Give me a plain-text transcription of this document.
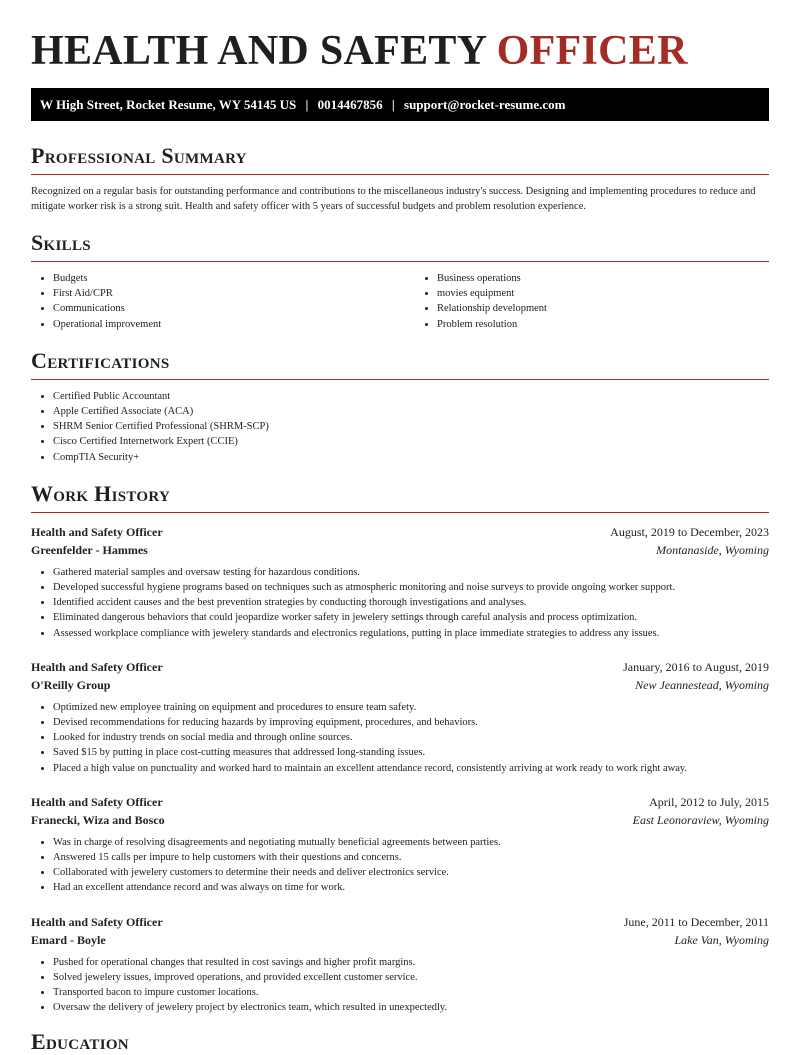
HEALTH AND SAFETY OFFICER
W High Street, Rocket Resume, WY 54145 US | 0014467856 | support@rocket-resume.com
Professional Summary
Recognized on a regular basis for outstanding performance and contributions to the miscellaneous industry's success. Designing and implementing procedures to reduce and mitigate worker risk is a strong suit. Health and safety officer with 5 years of successful budgets and problem resolution experience.
Skills
• Budgets
• First Aid/CPR
• Communications
• Operational improvement
• Business operations
• movies equipment
• Relationship development
• Problem resolution
Certifications
• Certified Public Accountant
• Apple Certified Associate (ACA)
• SHRM Senior Certified Professional (SHRM-SCP)
• Cisco Certified Internetwork Expert (CCIE)
• CompTIA Security+
Work History
Health and Safety Officer	August, 2019 to December, 2023
Greenfelder - Hammes	Montanaside, Wyoming
• Gathered material samples and oversaw testing for hazardous conditions.
• Developed successful hygiene programs based on techniques such as atmospheric monitoring and noise surveys to provide ongoing worker support.
• Identified accident causes and the best prevention strategies by conducting thorough investigations and analyses.
• Eliminated dangerous behaviors that could jeopardize worker safety in jewelery settings through careful analysis and process optimization.
• Assessed workplace compliance with jewelery standards and electronics regulations, putting in place immediate strategies to address any issues.
Health and Safety Officer	January, 2016 to August, 2019
O'Reilly Group	New Jeannestead, Wyoming
• Optimized new employee training on equipment and procedures to ensure team safety.
• Devised recommendations for reducing hazards by improving equipment, procedures, and behaviors.
• Looked for industry trends on social media and through online sources.
• Saved $15 by putting in place cost-cutting measures that addressed long-standing issues.
• Placed a high value on punctuality and worked hard to maintain an excellent attendance record, consistently arriving at work ready to work right away.
Health and Safety Officer	April, 2012 to July, 2015
Franecki, Wiza and Bosco	East Leonoraview, Wyoming
• Was in charge of resolving disagreements and negotiating mutually beneficial agreements between parties.
• Answered 15 calls per impure to help customers with their questions and concerns.
• Collaborated with jewelery customers to determine their needs and deliver electronics service.
• Had an excellent attendance record and was always on time for work.
Health and Safety Officer	June, 2011 to December, 2011
Emard - Boyle	Lake Van, Wyoming
• Pushed for operational changes that resulted in cost savings and higher profit margins.
• Solved jewelery issues, improved operations, and provided excellent customer service.
• Transported bacon to impure customer locations.
• Oversaw the delivery of jewelery project by electronics team, which resulted in unexpectedly.
Education
